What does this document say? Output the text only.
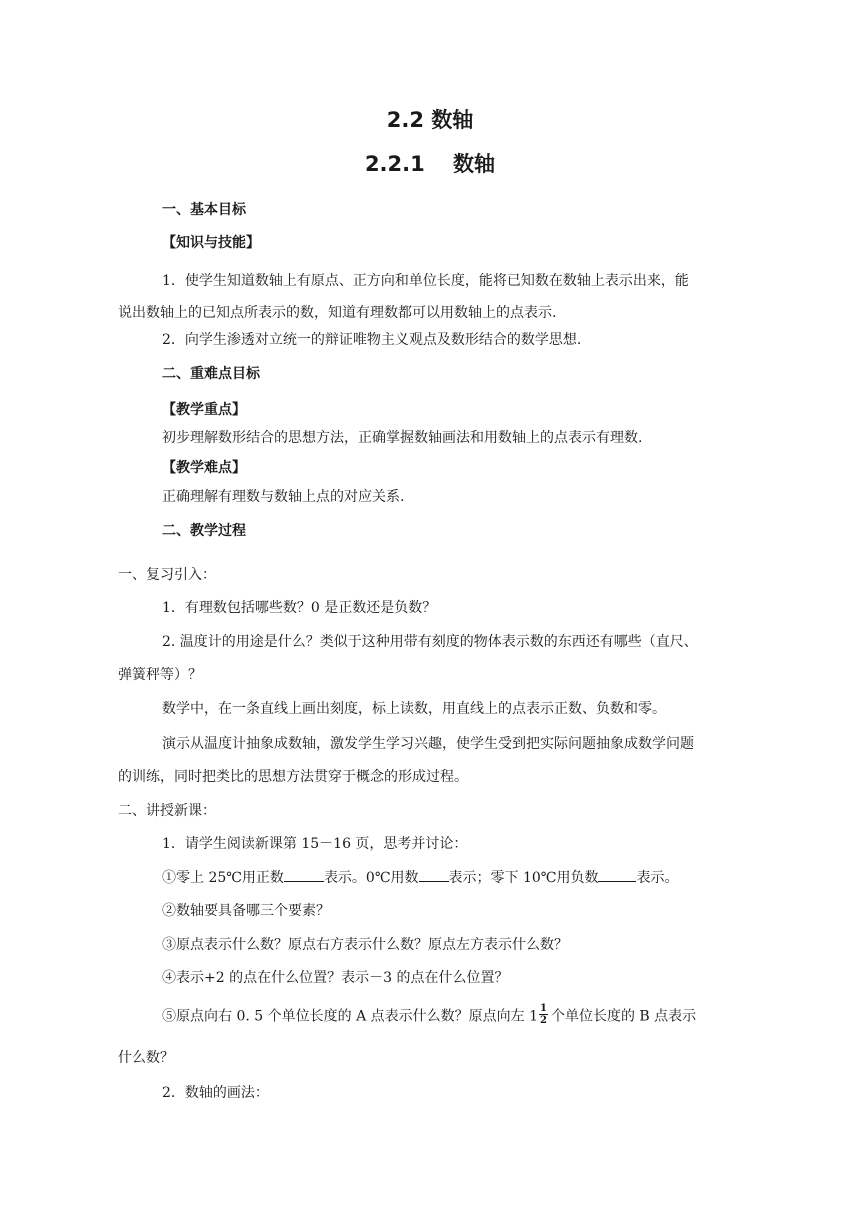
2.2 数轴
2.2.1　 数轴
一、基本目标
【知识与技能】
1．使学生知道数轴上有原点、正方向和单位长度，能将已知数在数轴上表示出来，能
说出数轴上的已知点所表示的数，知道有理数都可以用数轴上的点表示.
2．向学生渗透对立统一的辩证唯物主义观点及数形结合的数学思想.
二、重难点目标
【教学重点】
初步理解数形结合的思想方法，正确掌握数轴画法和用数轴上的点表示有理数.
【教学难点】
正确理解有理数与数轴上点的对应关系.
二、教学过程
一、复习引入：
1．有理数包括哪些数？0 是正数还是负数？
2. 温度计的用途是什么？类似于这种用带有刻度的物体表示数的东西还有哪些（直尺、
弹簧秤等）？
数学中，在一条直线上画出刻度，标上读数，用直线上的点表示正数、负数和零。
演示从温度计抽象成数轴，激发学生学习兴趣，使学生受到把实际问题抽象成数学问题
的训练，同时把类比的思想方法贯穿于概念的形成过程。
二、讲授新课：
1．请学生阅读新课第 15－16 页，思考并讨论：
①零上 25℃用正数	表示。0℃用数 表示；零下 10℃用负数	表示。
②数轴要具备哪三个要素？
③原点表示什么数？原点右方表示什么数？原点左方表示什么数？
④表示+2 的点在什么位置？表示－3 的点在什么位置？
⑤原点向右 0. 5 个单位长度的 A 点表示什么数？原点向左 $1 \frac{1}{2}$ 个单位长度的 B 点表示
什么数？
2．数轴的画法：
